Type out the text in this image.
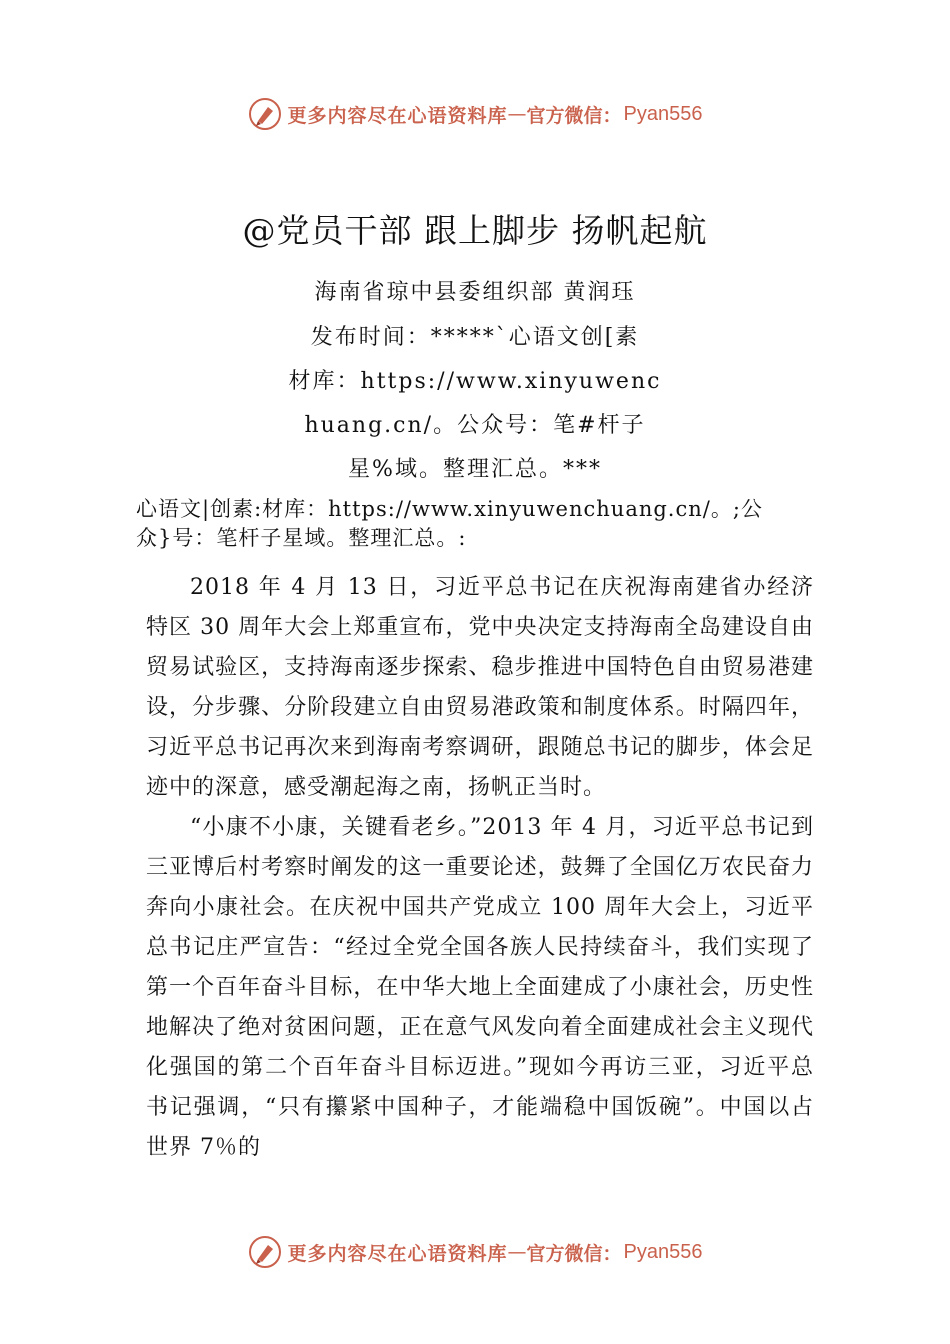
更多内容尽在心语资料库 — 官方微信： Pyan556
@党员干部 跟上脚步 扬帆起航
海南省琼中县委组织部 黄润珏
发布时间：*****`心语文创[素
材库：https://www.xinyuwenc
huang.cn/。公众号：笔#杆子
星%域。整理汇总。***
心语文|创素:材库：https://www.xinyuwenchuang.cn/。;公
众}号：笔杆子星域。整理汇总。:

2018 年 4 月 13 日，习近平总书记在庆祝海南建省办经济特区 30 周年大会上郑重宣布，党中央决定支持海南全岛建设自由贸易试验区，支持海南逐步探索、稳步推进中国特色自由贸易港建设，分步骤、分阶段建立自由贸易港政策和制度体系。时隔四年，习近平总书记再次来到海南考察调研，跟随总书记的脚步，体会足迹中的深意，感受潮起海之南，扬帆正当时。

“小康不小康，关键看老乡。”2013 年 4 月，习近平总书记到三亚博后村考察时阐发的这一重要论述，鼓舞了全国亿万农民奋力奔向小康社会。在庆祝中国共产党成立 100 周年大会上，习近平总书记庄严宣告：“经过全党全国各族人民持续奋斗，我们实现了第一个百年奋斗目标，在中华大地上全面建成了小康社会，历史性地解决了绝对贫困问题，正在意气风发向着全面建成社会主义现代化强国的第二个百年奋斗目标迈进。”现如今再访三亚，习近平总书记强调，“只有攥紧中国种子，才能端稳中国饭碗”。中国以占世界 7％的

更多内容尽在心语资料库 — 官方微信： Pyan556
